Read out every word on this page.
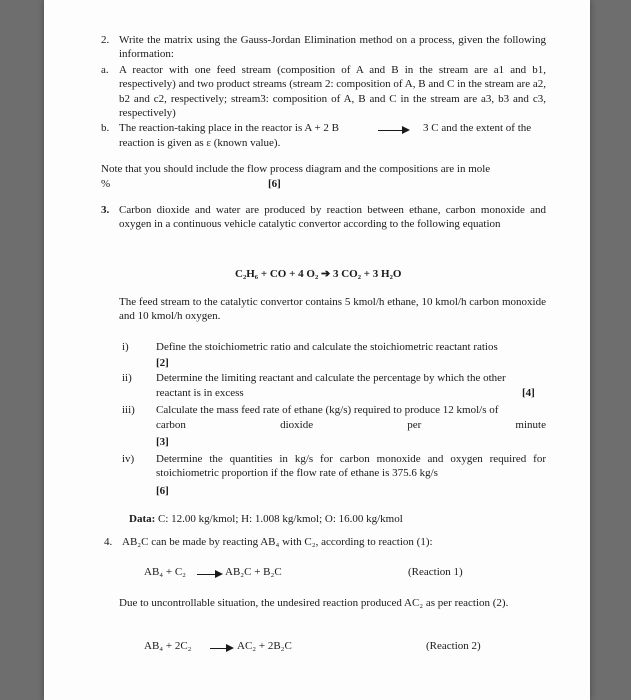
2. Write the matrix using the Gauss-Jordan Elimination method on a process, given the following information:
a. A reactor with one feed stream (composition of A and B in the stream are a1 and b1, respectively) and two product streams (stream 2: composition of A, B and C in the stream are a2, b2 and c2, respectively; stream3: composition of A, B and C in the stream are a3, b3 and c3, respectively)
b. The reaction-taking place in the reactor is A + 2 B → 3 C and the extent of the
reaction is given as ε (known value).
Note that you should include the flow process diagram and the compositions are in mole
%	[6]
3. Carbon dioxide and water are produced by reaction between ethane, carbon monoxide and oxygen in a continuous vehicle catalytic convertor according to the following equation
C₂H₆ + CO + 4 O₂ ➔ 3 CO₂ + 3 H₂O
The feed stream to the catalytic convertor contains 5 kmol/h ethane, 10 kmol/h carbon monoxide and 10 kmol/h oxygen.
i) Define the stoichiometric ratio and calculate the stoichiometric reactant ratios
[2]
ii) Determine the limiting reactant and calculate the percentage by which the other
reactant is in excess	[4]
iii) Calculate the mass feed rate of ethane (kg/s) required to produce 12 kmol/s of
carbon	dioxide	per	minute
[3]
iv) Determine the quantities in kg/s for carbon monoxide and oxygen required for stoichiometric proportion if the flow rate of ethane is 375.6 kg/s
[6]
Data: C: 12.00 kg/kmol; H: 1.008 kg/kmol; O: 16.00 kg/kmol
4. AB₂C can be made by reacting AB₄ with C₂, according to reaction (1):
AB₄ + C₂ → AB₂C + B₂C	(Reaction 1)
Due to uncontrollable situation, the undesired reaction produced AC₂ as per reaction (2).
AB₄ + 2C₂ → AC₂ + 2B₂C	(Reaction 2)
